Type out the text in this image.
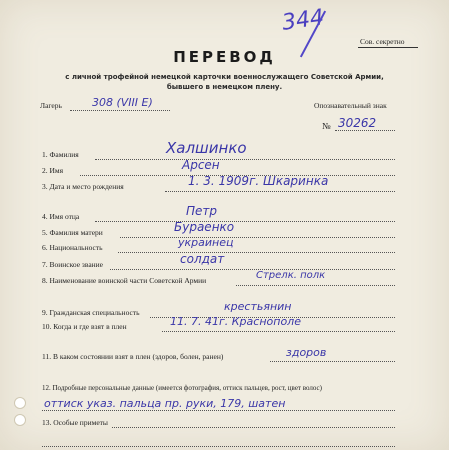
344
Сов. секретно
ПЕРЕВОД
с личной трофейной немецкой карточки военнослужащего Советской Армии,
бывшего в немецком плену.
Лагерь	308 (VIII E)	Опознавательный знак
№ 30262
1. Фамилия	Халшинко
2. Имя	Арсен
3. Дата и место рождения	1. 3. 1909г. Шкаринка
4. Имя отца	Петр
5. Фамилия матери	Бураенко
6. Национальность	украинец
7. Воинское звание	солдат
8. Наименование воинской части Советской Армии	Стрелк. полк
9. Гражданская специальность	крестьянин
10. Когда и где взят в плен	11. 7. 41г. Краснополе
11. В каком состоянии взят в плен (здоров, болен, ранен)	здоров
12. Подробные персональные данные (имеется фотография, оттиск пальцев, рост, цвет волос)
оттиск указ. пальца пр. руки, 179, шатен
13. Особые приметы
